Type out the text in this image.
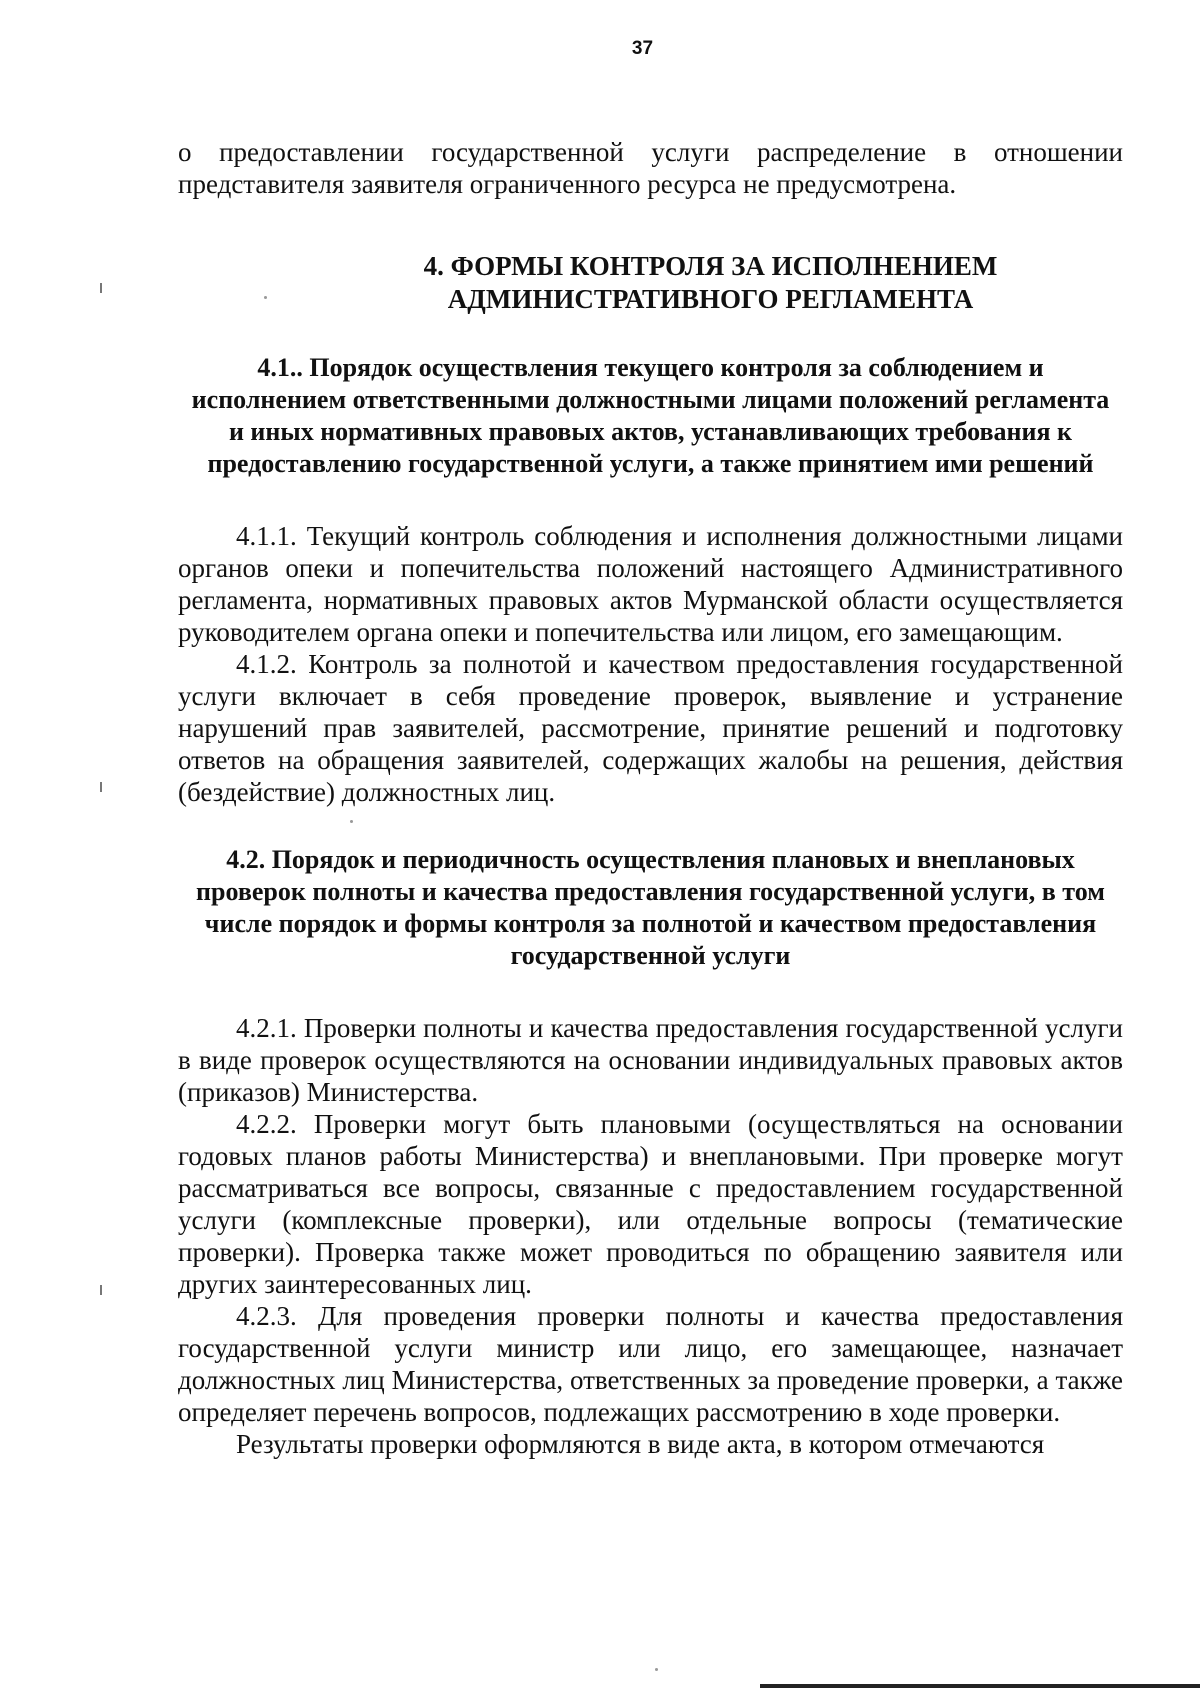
37

о предоставлении государственной услуги распределение в отношении представителя заявителя ограниченного ресурса не предусмотрена.

4. ФОРМЫ КОНТРОЛЯ ЗА ИСПОЛНЕНИЕМ АДМИНИСТРАТИВНОГО РЕГЛАМЕНТА
4.1.. Порядок осуществления текущего контроля за соблюдением и исполнением ответственными должностными лицами положений регламента и иных нормативных правовых актов, устанавливающих требования к предоставлению государственной услуги, а также принятием ими решений

4.1.1. Текущий контроль соблюдения и исполнения должностными лицами органов опеки и попечительства положений настоящего Административного регламента, нормативных правовых актов Мурманской области осуществляется руководителем органа опеки и попечительства или лицом, его замещающим.

4.1.2. Контроль за полнотой и качеством предоставления государственной услуги включает в себя проведение проверок, выявление и устранение нарушений прав заявителей, рассмотрение, принятие решений и подготовку ответов на обращения заявителей, содержащих жалобы на решения, действия (бездействие) должностных лиц.

4.2. Порядок и периодичность осуществления плановых и внеплановых проверок полноты и качества предоставления государственной услуги, в том числе порядок и формы контроля за полнотой и качеством предоставления государственной услуги

4.2.1. Проверки полноты и качества предоставления государственной услуги в виде проверок осуществляются на основании индивидуальных правовых актов (приказов) Министерства.

4.2.2. Проверки могут быть плановыми (осуществляться на основании годовых планов работы Министерства) и внеплановыми. При проверке могут рассматриваться все вопросы, связанные с предоставлением государственной услуги (комплексные проверки), или отдельные вопросы (тематические проверки). Проверка также может проводиться по обращению заявителя или других заинтересованных лиц.

4.2.3. Для проведения проверки полноты и качества предоставления государственной услуги министр или лицо, его замещающее, назначает должностных лиц Министерства, ответственных за проведение проверки, а также определяет перечень вопросов, подлежащих рассмотрению в ходе проверки.

Результаты проверки оформляются в виде акта, в котором отмечаются
